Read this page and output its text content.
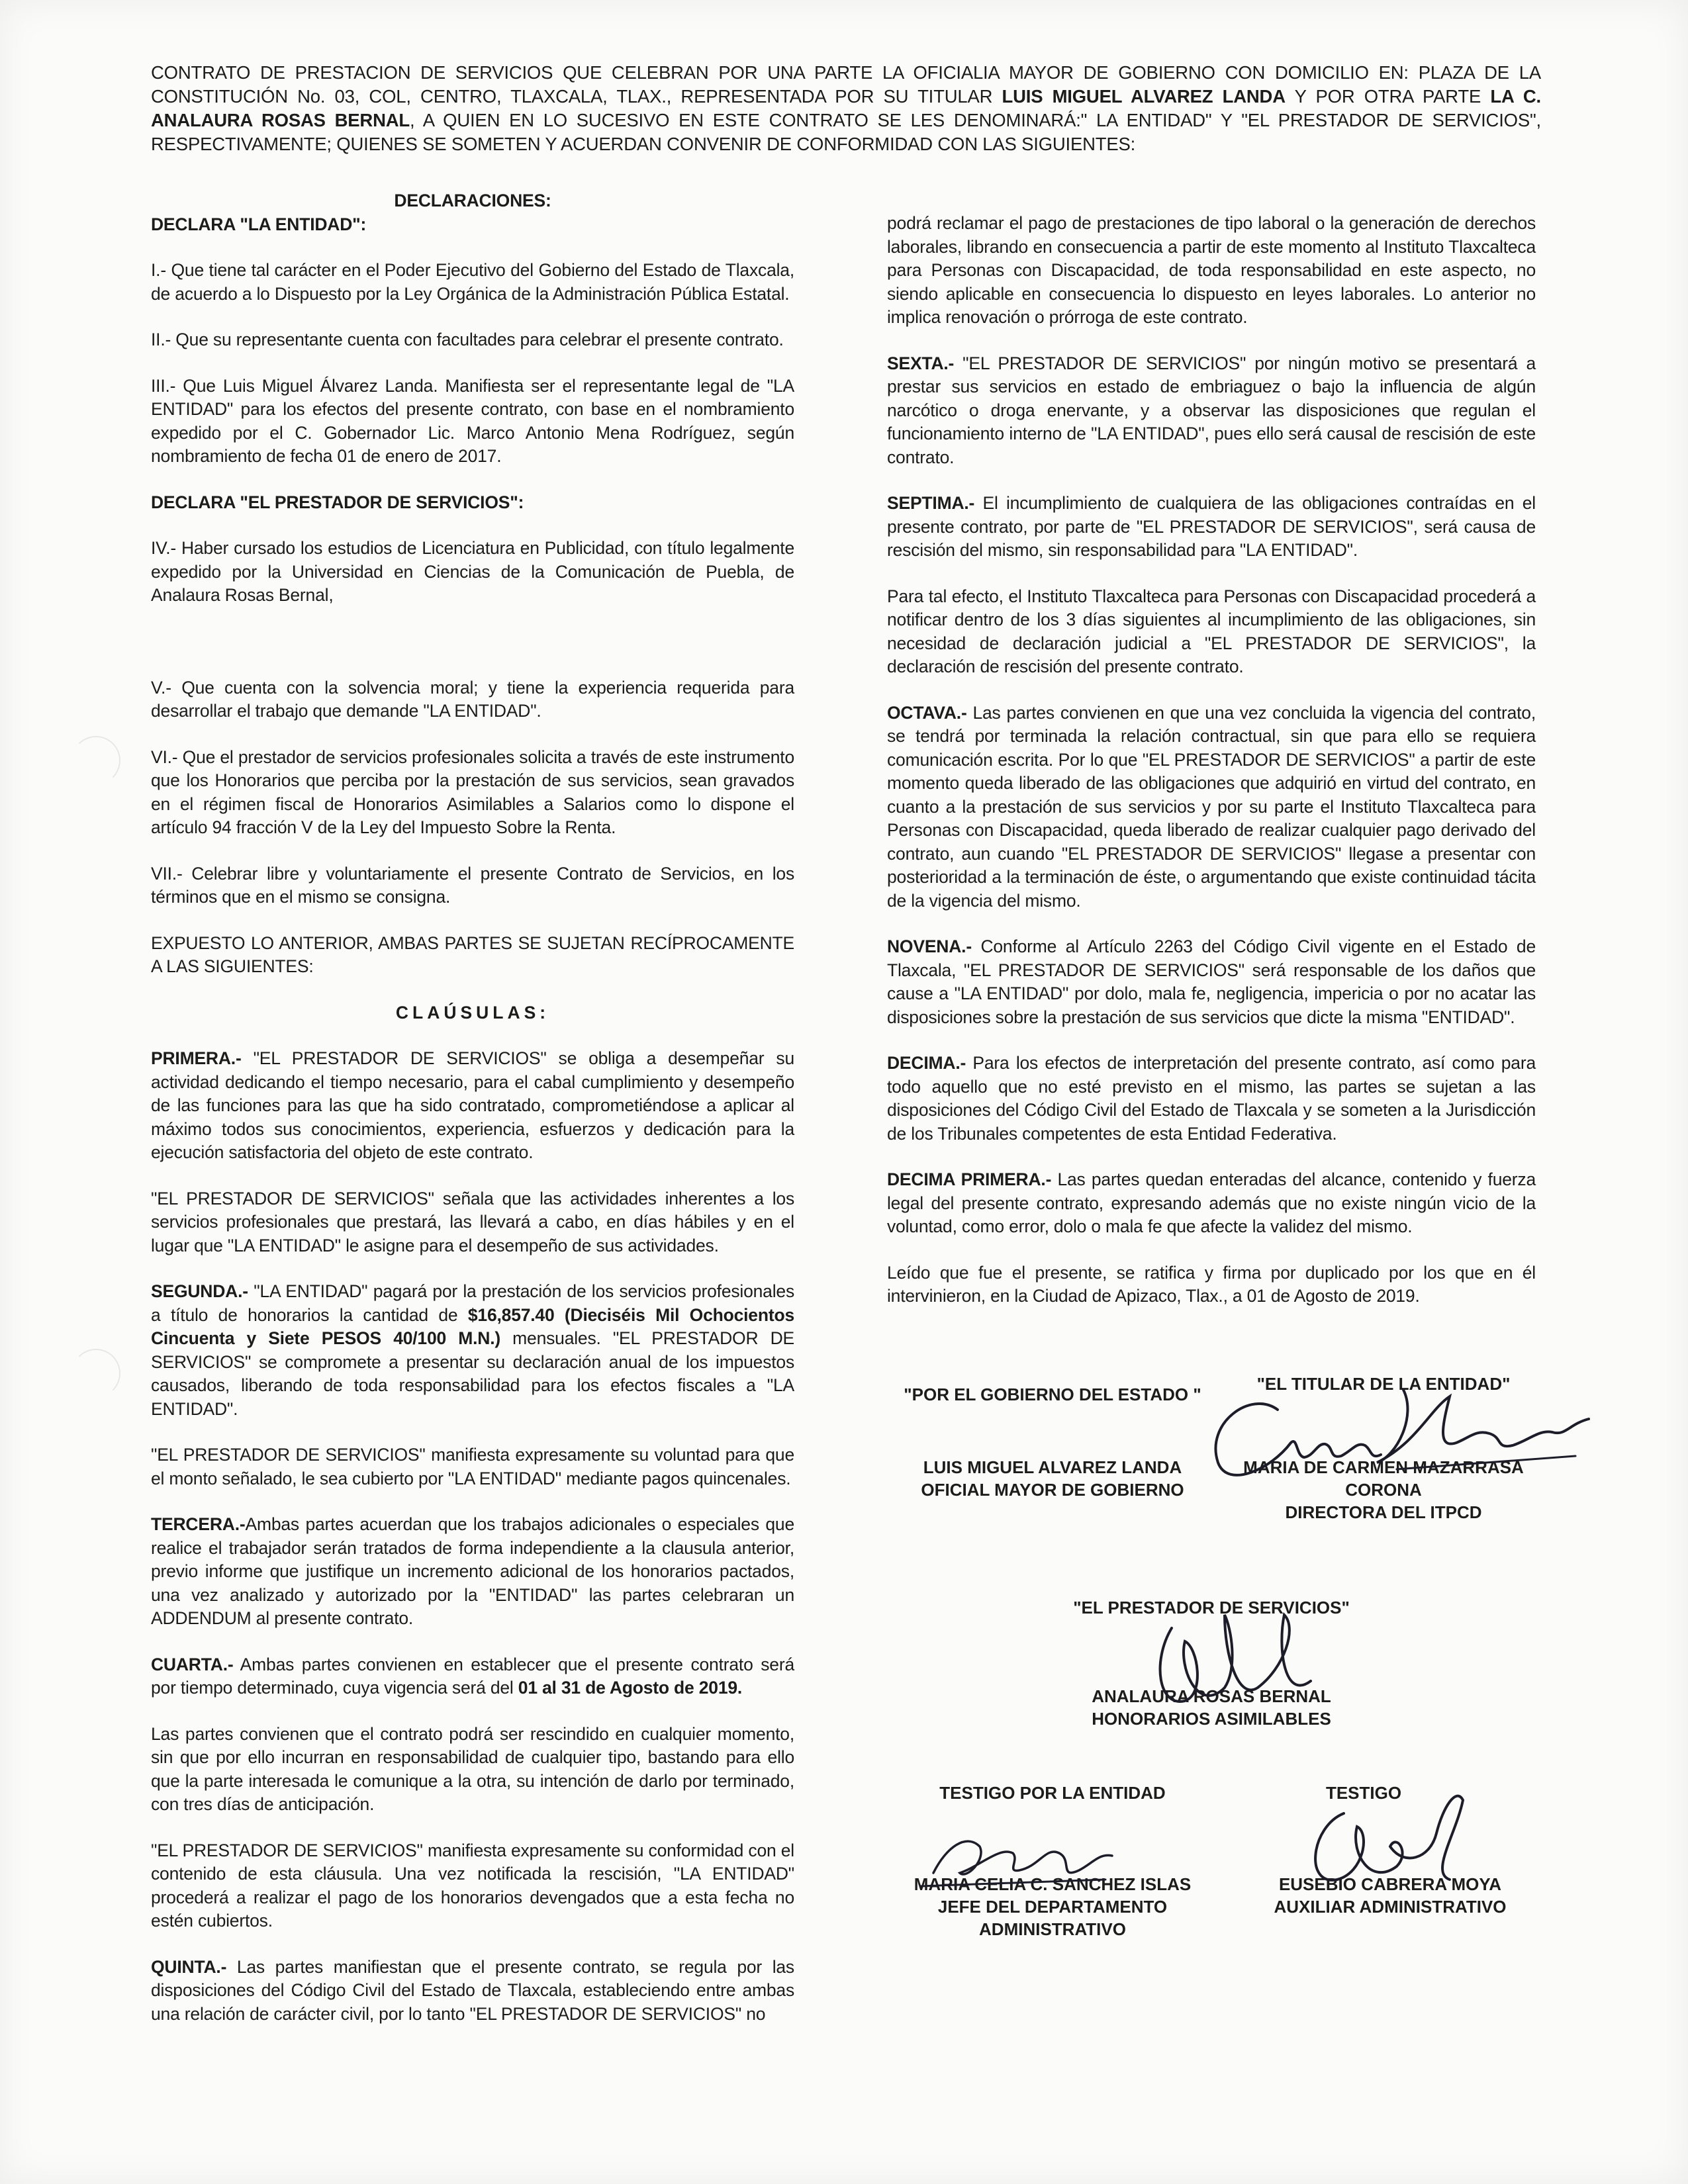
CONTRATO DE PRESTACION DE SERVICIOS QUE CELEBRAN POR UNA PARTE LA OFICIALIA MAYOR DE GOBIERNO CON DOMICILIO EN: PLAZA DE LA CONSTITUCIÓN No. 03, COL, CENTRO, TLAXCALA, TLAX., REPRESENTADA POR SU TITULAR LUIS MIGUEL ALVAREZ LANDA Y POR OTRA PARTE LA C. ANALAURA ROSAS BERNAL, A QUIEN EN LO SUCESIVO EN ESTE CONTRATO SE LES DENOMINARÁ:" LA ENTIDAD" Y "EL PRESTADOR DE SERVICIOS", RESPECTIVAMENTE; QUIENES SE SOMETEN Y ACUERDAN CONVENIR DE CONFORMIDAD CON LAS SIGUIENTES:

DECLARACIONES:

DECLARA "LA ENTIDAD":

I.- Que tiene tal carácter en el Poder Ejecutivo del Gobierno del Estado de Tlaxcala, de acuerdo a lo Dispuesto por la Ley Orgánica de la Administración Pública Estatal.

II.- Que su representante cuenta con facultades para celebrar el presente contrato.

III.- Que Luis Miguel Álvarez Landa. Manifiesta ser el representante legal de "LA ENTIDAD" para los efectos del presente contrato, con base en el nombramiento expedido por el C. Gobernador Lic. Marco Antonio Mena Rodríguez, según nombramiento de fecha 01 de enero de 2017.

DECLARA "EL PRESTADOR DE SERVICIOS":

IV.- Haber cursado los estudios de Licenciatura en Publicidad, con título legalmente expedido por la Universidad en Ciencias de la Comunicación de Puebla, de Analaura Rosas Bernal,

V.- Que cuenta con la solvencia moral; y tiene la experiencia requerida para desarrollar el trabajo que demande "LA ENTIDAD".

VI.- Que el prestador de servicios profesionales solicita a través de este instrumento que los Honorarios que perciba por la prestación de sus servicios, sean gravados en el régimen fiscal de Honorarios Asimilables a Salarios como lo dispone el artículo 94 fracción V de la Ley del Impuesto Sobre la Renta.

VII.- Celebrar libre y voluntariamente el presente Contrato de Servicios, en los términos que en el mismo se consigna.

EXPUESTO LO ANTERIOR, AMBAS PARTES SE SUJETAN RECÍPROCAMENTE A LAS SIGUIENTES:

CLAÚSULAS:

PRIMERA.- "EL PRESTADOR DE SERVICIOS" se obliga a desempeñar su actividad dedicando el tiempo necesario, para el cabal cumplimiento y desempeño de las funciones para las que ha sido contratado, comprometiéndose a aplicar al máximo todos sus conocimientos, experiencia, esfuerzos y dedicación para la ejecución satisfactoria del objeto de este contrato.

"EL PRESTADOR DE SERVICIOS" señala que las actividades inherentes a los servicios profesionales que prestará, las llevará a cabo, en días hábiles y en el lugar que "LA ENTIDAD" le asigne para el desempeño de sus actividades.

SEGUNDA.- "LA ENTIDAD" pagará por la prestación de los servicios profesionales a título de honorarios la cantidad de $16,857.40 (Dieciséis Mil Ochocientos Cincuenta y Siete PESOS 40/100 M.N.) mensuales. "EL PRESTADOR DE SERVICIOS" se compromete a presentar su declaración anual de los impuestos causados, liberando de toda responsabilidad para los efectos fiscales a "LA ENTIDAD".

"EL PRESTADOR DE SERVICIOS" manifiesta expresamente su voluntad para que el monto señalado, le sea cubierto por "LA ENTIDAD" mediante pagos quincenales.

TERCERA.-Ambas partes acuerdan que los trabajos adicionales o especiales que realice el trabajador serán tratados de forma independiente a la clausula anterior, previo informe que justifique un incremento adicional de los honorarios pactados, una vez analizado y autorizado por la "ENTIDAD" las partes celebraran un ADDENDUM al presente contrato.

CUARTA.- Ambas partes convienen en establecer que el presente contrato será por tiempo determinado, cuya vigencia será del 01 al 31 de Agosto de 2019.

Las partes convienen que el contrato podrá ser rescindido en cualquier momento, sin que por ello incurran en responsabilidad de cualquier tipo, bastando para ello que la parte interesada le comunique a la otra, su intención de darlo por terminado, con tres días de anticipación.

"EL PRESTADOR DE SERVICIOS" manifiesta expresamente su conformidad con el contenido de esta cláusula. Una vez notificada la rescisión, "LA ENTIDAD" procederá a realizar el pago de los honorarios devengados que a esta fecha no estén cubiertos.

QUINTA.- Las partes manifiestan que el presente contrato, se regula por las disposiciones del Código Civil del Estado de Tlaxcala, estableciendo entre ambas una relación de carácter civil, por lo tanto "EL PRESTADOR DE SERVICIOS" no

podrá reclamar el pago de prestaciones de tipo laboral o la generación de derechos laborales, librando en consecuencia a partir de este momento al Instituto Tlaxcalteca para Personas con Discapacidad, de toda responsabilidad en este aspecto, no siendo aplicable en consecuencia lo dispuesto en leyes laborales. Lo anterior no implica renovación o prórroga de este contrato.

SEXTA.- "EL PRESTADOR DE SERVICIOS" por ningún motivo se presentará a prestar sus servicios en estado de embriaguez o bajo la influencia de algún narcótico o droga enervante, y a observar las disposiciones que regulan el funcionamiento interno de "LA ENTIDAD", pues ello será causal de rescisión de este contrato.

SEPTIMA.- El incumplimiento de cualquiera de las obligaciones contraídas en el presente contrato, por parte de "EL PRESTADOR DE SERVICIOS", será causa de rescisión del mismo, sin responsabilidad para "LA ENTIDAD".

Para tal efecto, el Instituto Tlaxcalteca para Personas con Discapacidad procederá a notificar dentro de los 3 días siguientes al incumplimiento de las obligaciones, sin necesidad de declaración judicial a "EL PRESTADOR DE SERVICIOS", la declaración de rescisión del presente contrato.

OCTAVA.- Las partes convienen en que una vez concluida la vigencia del contrato, se tendrá por terminada la relación contractual, sin que para ello se requiera comunicación escrita. Por lo que "EL PRESTADOR DE SERVICIOS" a partir de este momento queda liberado de las obligaciones que adquirió en virtud del contrato, en cuanto a la prestación de sus servicios y por su parte el Instituto Tlaxcalteca para Personas con Discapacidad, queda liberado de realizar cualquier pago derivado del contrato, aun cuando "EL PRESTADOR DE SERVICIOS" llegase a presentar con posterioridad a la terminación de éste, o argumentando que existe continuidad tácita de la vigencia del mismo.

NOVENA.- Conforme al Artículo 2263 del Código Civil vigente en el Estado de Tlaxcala, "EL PRESTADOR DE SERVICIOS" será responsable de los daños que cause a "LA ENTIDAD" por dolo, mala fe, negligencia, impericia o por no acatar las disposiciones sobre la prestación de sus servicios que dicte la misma "ENTIDAD".

DECIMA.- Para los efectos de interpretación del presente contrato, así como para todo aquello que no esté previsto en el mismo, las partes se sujetan a las disposiciones del Código Civil del Estado de Tlaxcala y se someten a la Jurisdicción de los Tribunales competentes de esta Entidad Federativa.

DECIMA PRIMERA.- Las partes quedan enteradas del alcance, contenido y fuerza legal del presente contrato, expresando además que no existe ningún vicio de la voluntad, como error, dolo o mala fe que afecte la validez del mismo.

Leído que fue el presente, se ratifica y firma por duplicado por los que en él intervinieron, en la Ciudad de Apizaco, Tlax., a 01 de Agosto de 2019.

"POR EL GOBIERNO DEL ESTADO "
"EL TITULAR DE LA ENTIDAD"
LUIS MIGUEL ALVAREZ LANDA
OFICIAL MAYOR DE GOBIERNO
MARIA DE CARMEN MAZARRASA
CORONA
DIRECTORA DEL ITPCD
"EL PRESTADOR DE SERVICIOS"
ANALAURA ROSAS BERNAL
HONORARIOS ASIMILABLES
TESTIGO POR LA ENTIDAD	TESTIGO
MARIA CELIA C. SANCHEZ ISLAS
JEFE DEL DEPARTAMENTO
ADMINISTRATIVO
EUSEBIO CABRERA MOYA
AUXILIAR ADMINISTRATIVO
